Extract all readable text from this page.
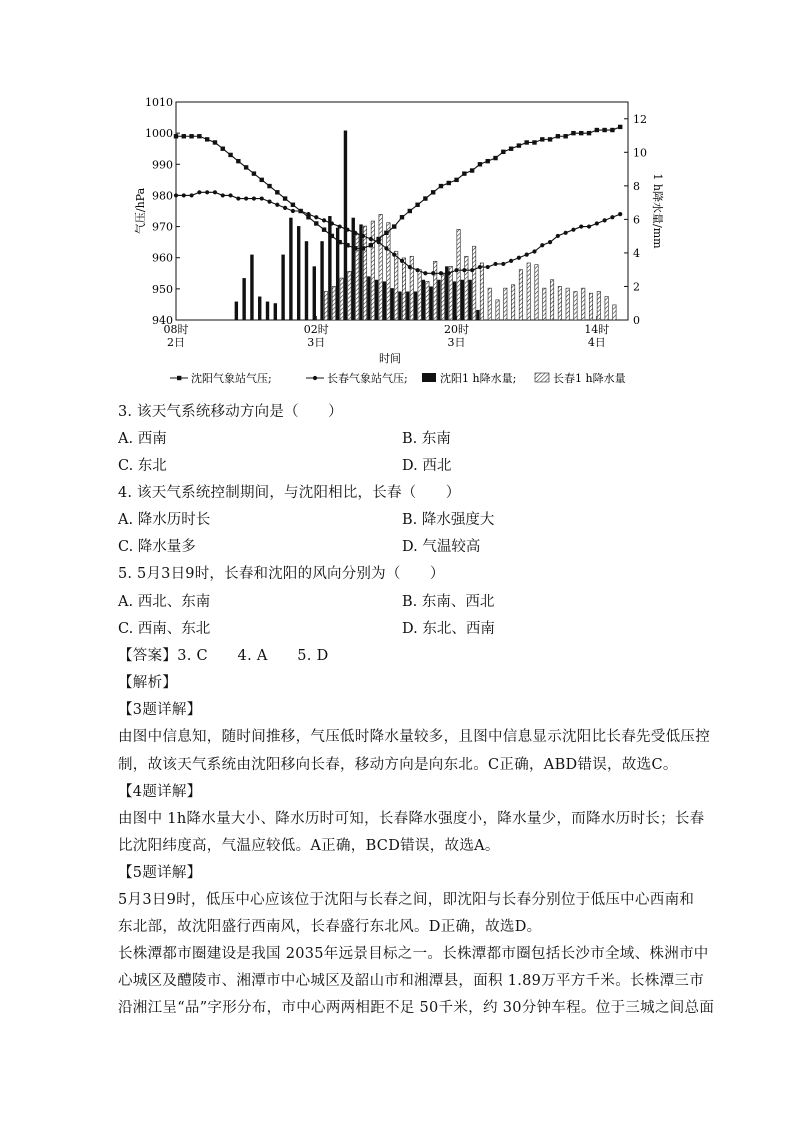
940
950
960
970
980
990
1000
1010
0
2
4
6
8
10
12
08时
2日
02时
3日
20时
3日
14时
4日
时间
气压/hPa	1 h降水量/mm
沈阳气象站气压;	长春气象站气压;	沈阳1 h降水量;	长春1 h降水量
3. 该天气系统移动方向是（　　）
A. 西南	B. 东南
C. 东北	D. 西北
4. 该天气系统控制期间，与沈阳相比，长春（　　）
A. 降水历时长	B. 降水强度大
C. 降水量多	D. 气温较高
5. 5月3日9时，长春和沈阳的风向分别为（　　）
A. 西北、东南	B. 东南、西北
C. 西南、东北	D. 东北、西南
【答案】3. C　　4. A　　5. D
【解析】
【3题详解】
由图中信息知，随时间推移，气压低时降水量较多，且图中信息显示沈阳比长春先受低压控
制，故该天气系统由沈阳移向长春，移动方向是向东北。C正确，ABD错误，故选C。
【4题详解】
由图中 1h降水量大小、降水历时可知，长春降水强度小，降水量少，而降水历时长；长春
比沈阳纬度高，气温应较低。A正确，BCD错误，故选A。
【5题详解】
5月3日9时，低压中心应该位于沈阳与长春之间，即沈阳与长春分别位于低压中心西南和
东北部，故沈阳盛行西南风，长春盛行东北风。D正确，故选D。
长株潭都市圈建设是我国 2035年远景目标之一。长株潭都市圈包括长沙市全域、株洲市中
心城区及醴陵市、湘潭市中心城区及韶山市和湘潭县，面积 1.89万平方千米。长株潭三市
沿湘江呈“品”字形分布，市中心两两相距不足 50千米，约 30分钟车程。位于三城之间总面
